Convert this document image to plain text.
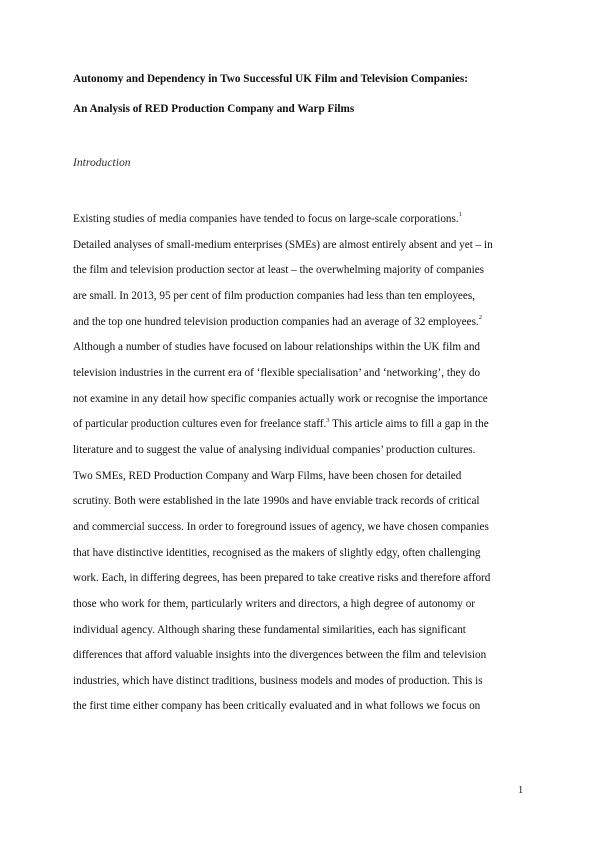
Autonomy and Dependency in Two Successful UK Film and Television Companies:
An Analysis of RED Production Company and Warp Films
Introduction
Existing studies of media companies have tended to focus on large-scale corporations.$^1$
Detailed analyses of small-medium enterprises (SMEs) are almost entirely absent and yet – in
the film and television production sector at least – the overwhelming majority of companies
are small. In 2013, 95 per cent of film production companies had less than ten employees,
and the top one hundred television production companies had an average of 32 employees.$^2$
Although a number of studies have focused on labour relationships within the UK film and
television industries in the current era of ‘flexible specialisation’ and ‘networking’, they do
not examine in any detail how specific companies actually work or recognise the importance
of particular production cultures even for freelance staff.$^3$ This article aims to fill a gap in the
literature and to suggest the value of analysing individual companies’ production cultures.
Two SMEs, RED Production Company and Warp Films, have been chosen for detailed
scrutiny. Both were established in the late 1990s and have enviable track records of critical
and commercial success. In order to foreground issues of agency, we have chosen companies
that have distinctive identities, recognised as the makers of slightly edgy, often challenging
work. Each, in differing degrees, has been prepared to take creative risks and therefore afford
those who work for them, particularly writers and directors, a high degree of autonomy or
individual agency. Although sharing these fundamental similarities, each has significant
differences that afford valuable insights into the divergences between the film and television
industries, which have distinct traditions, business models and modes of production. This is
the first time either company has been critically evaluated and in what follows we focus on
1
